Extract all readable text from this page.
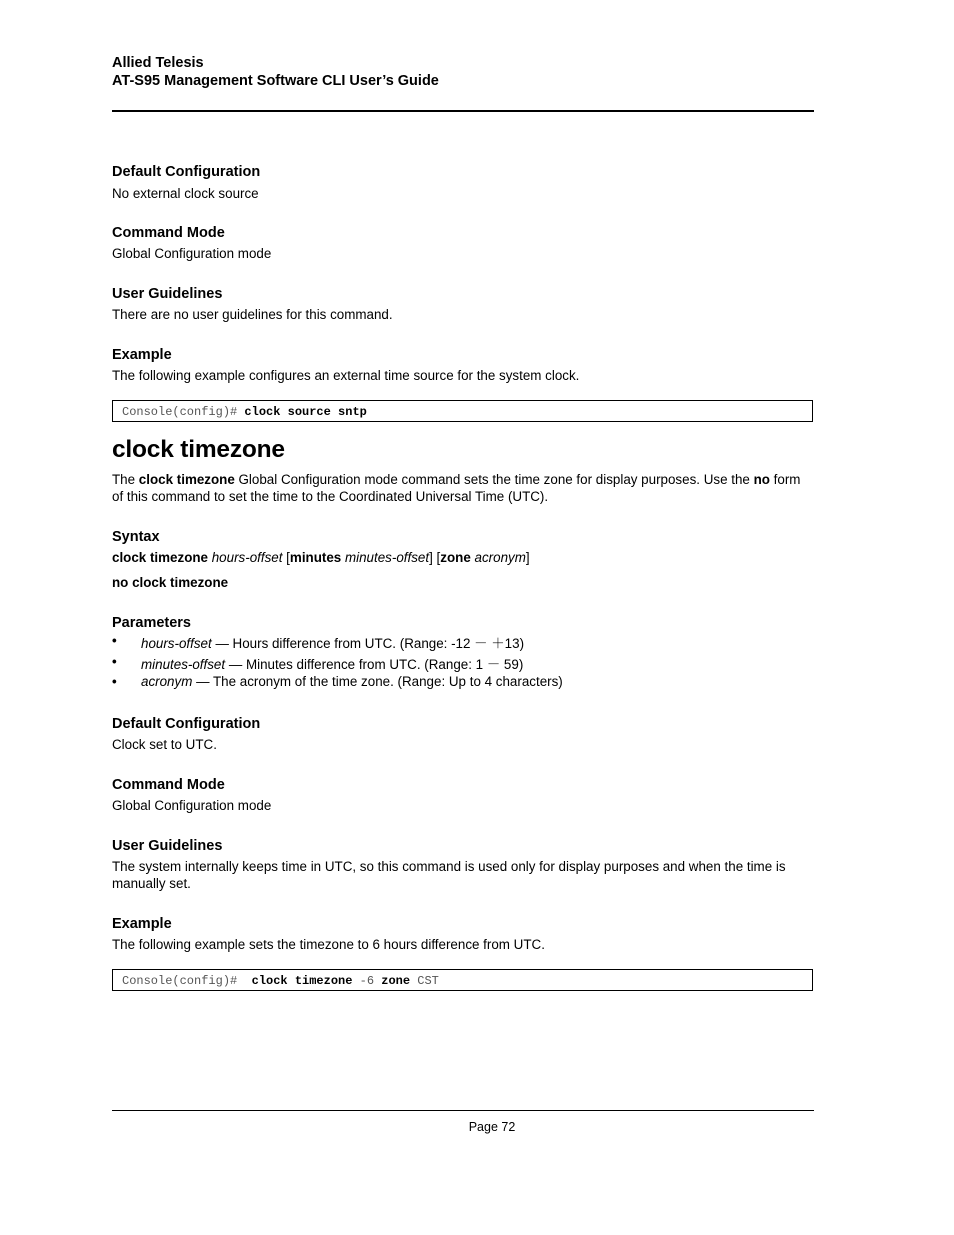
Allied Telesis
AT-S95 Management Software CLI User’s Guide
Default Configuration
No external clock source
Command Mode
Global Configuration mode
User Guidelines
There are no user guidelines for this command.
Example
The following example configures an external time source for the system clock.
Console(config)# clock source sntp
clock timezone
The clock timezone Global Configuration mode command sets the time zone for display purposes. Use the no form of this command to set the time to the Coordinated Universal Time (UTC).
Syntax
clock timezone hours-offset [minutes minutes-offset] [zone acronym]
no clock timezone
Parameters
• hours-offset — Hours difference from UTC. (Range: -12 － ＋13)
• minutes-offset — Minutes difference from UTC. (Range: 1 － 59)
• acronym — The acronym of the time zone. (Range: Up to 4 characters)
Default Configuration
Clock set to UTC.
Command Mode
Global Configuration mode
User Guidelines
The system internally keeps time in UTC, so this command is used only for display purposes and when the time is manually set.
Example
The following example sets the timezone to 6 hours difference from UTC.
Console(config)#  clock timezone -6 zone CST
Page 72
